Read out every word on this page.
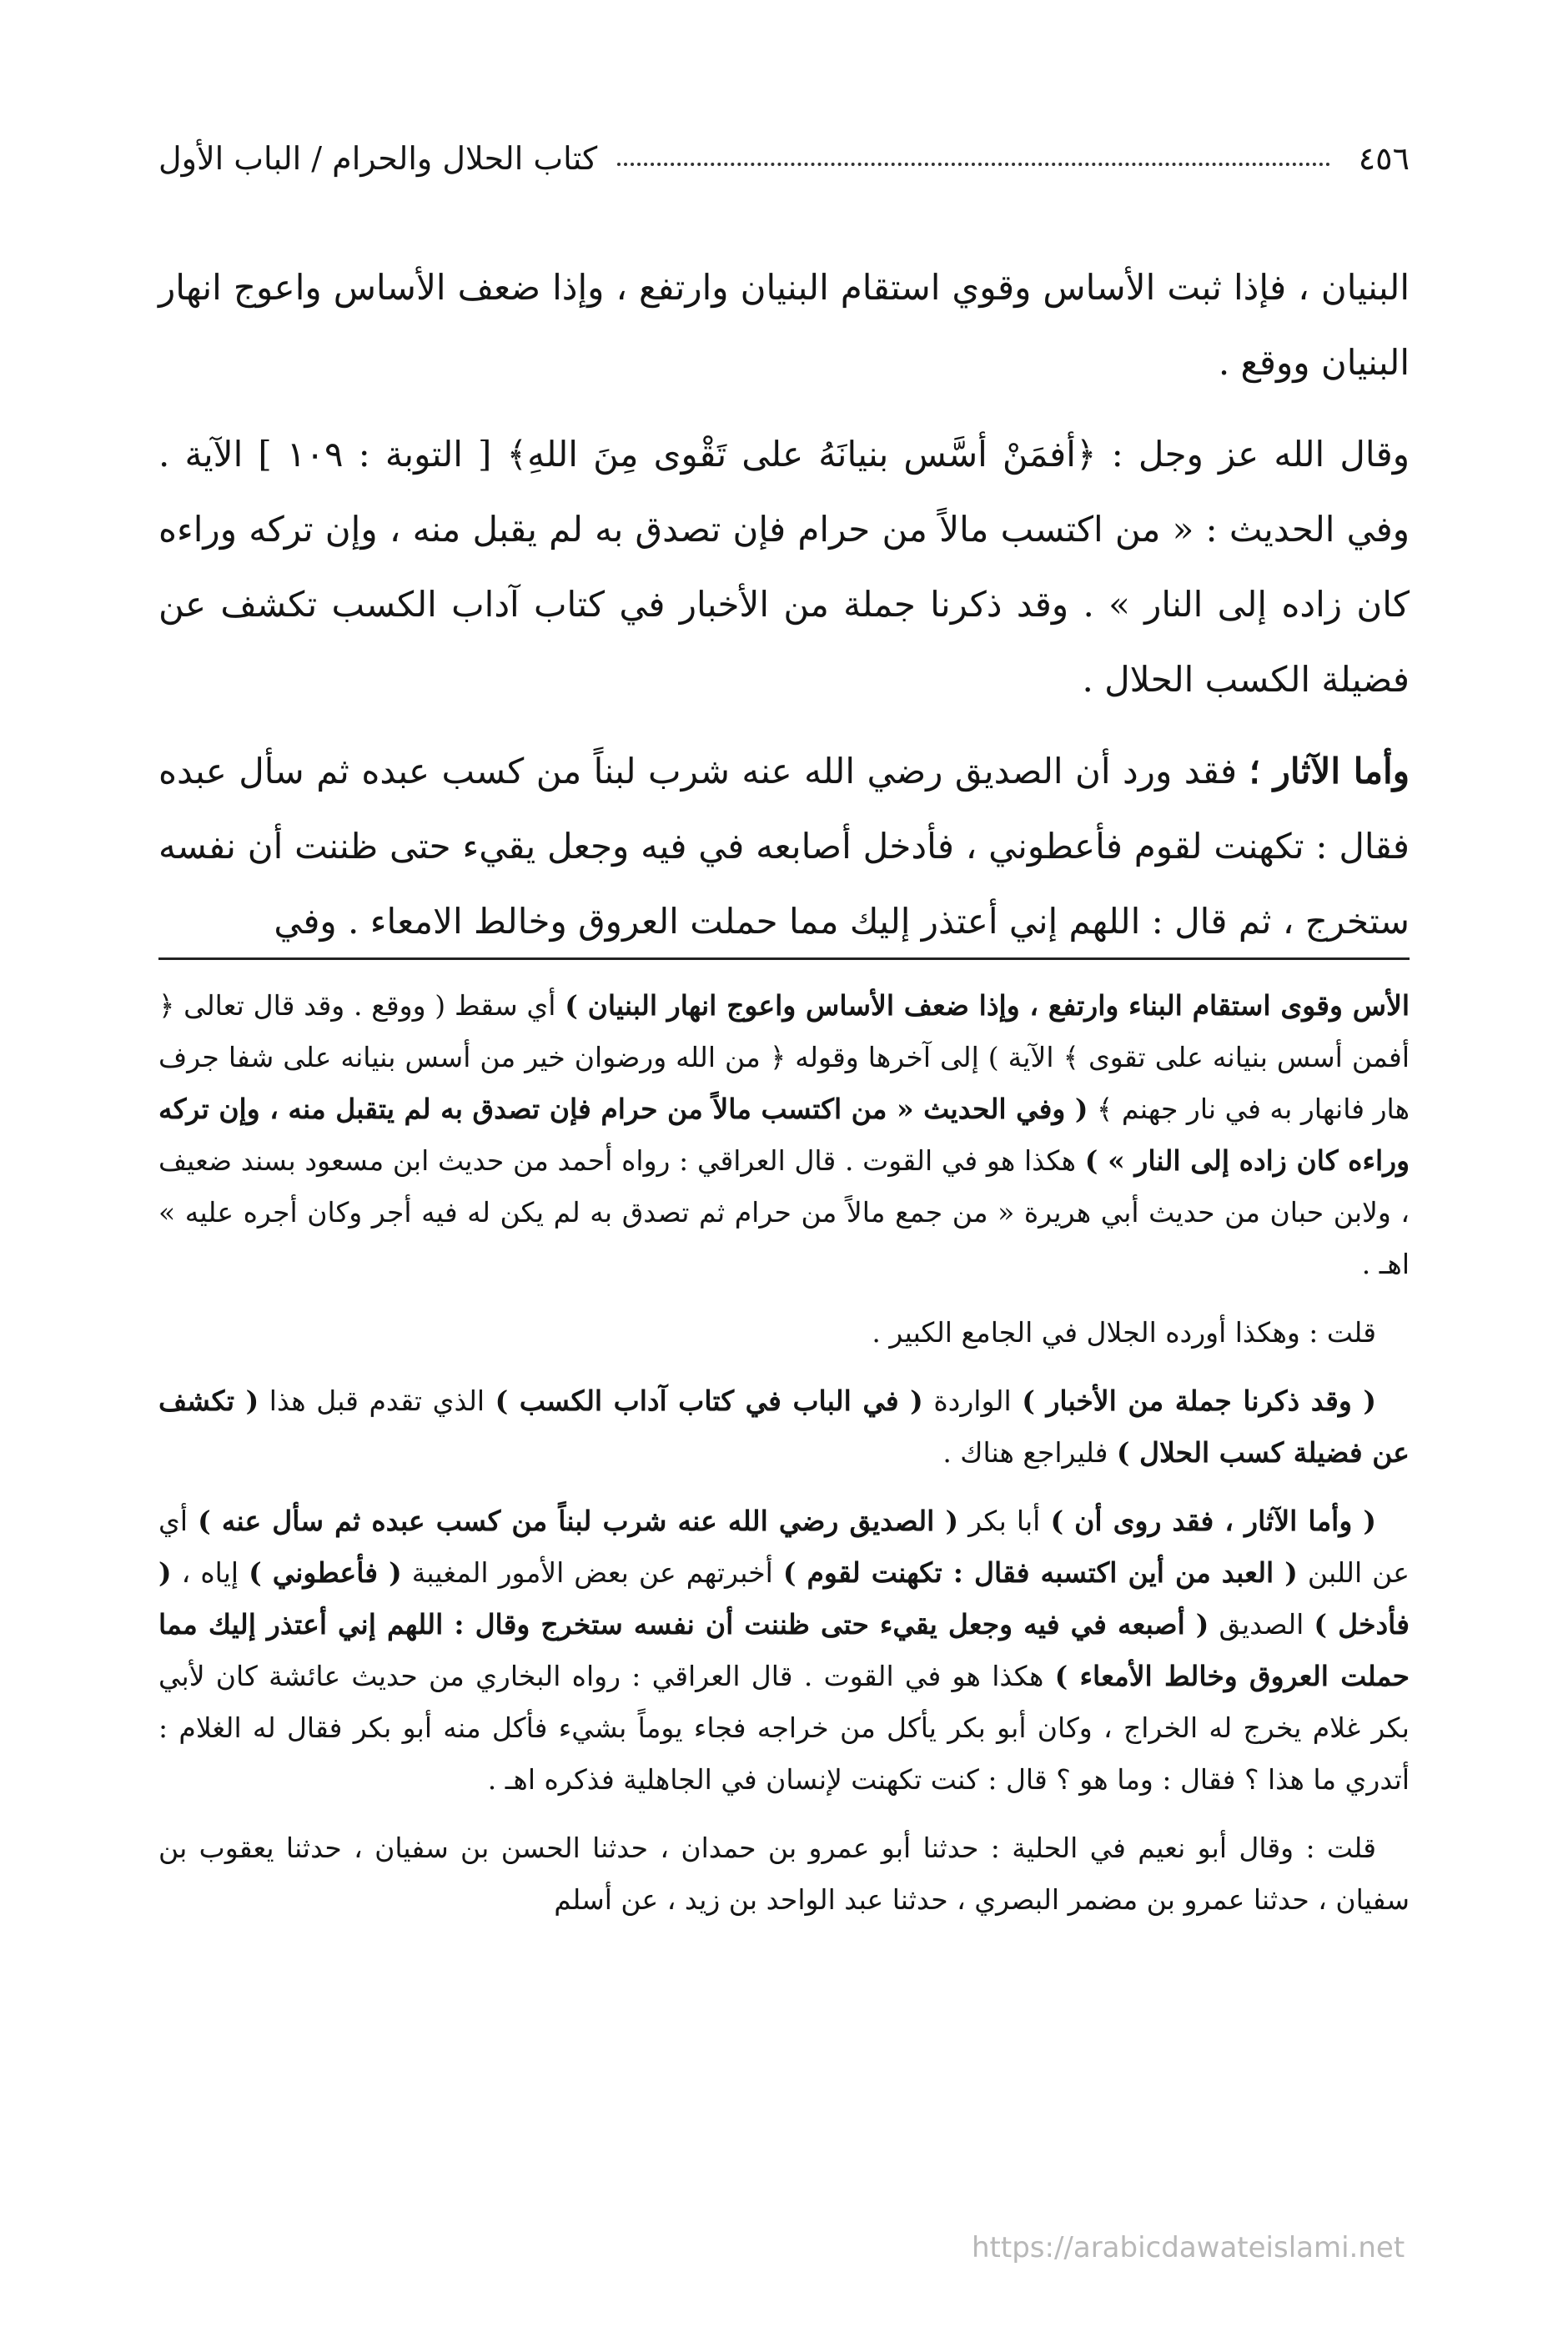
٤٥٦
كتاب الحلال والحرام / الباب الأول

البنيان ، فإذا ثبت الأساس وقوي استقام البنيان وارتفع ، وإذا ضعف الأساس واعوج انهار البنيان ووقع .

وقال الله عز وجل : ﴿أفمَنْ أسَّس بنيانَهُ على تَقْوى مِنَ اللهِ﴾ [ التوبة : ١٠٩ ] الآية . وفي الحديث : « من اكتسب مالاً من حرام فإن تصدق به لم يقبل منه ، وإن تركه وراءه كان زاده إلى النار » . وقد ذكرنا جملة من الأخبار في كتاب آداب الكسب تكشف عن فضيلة الكسب الحلال .

وأما الآثار ؛ فقد ورد أن الصديق رضي الله عنه شرب لبناً من كسب عبده ثم سأل عبده فقال : تكهنت لقوم فأعطوني ، فأدخل أصابعه في فيه وجعل يقيء حتى ظننت أن نفسه ستخرج ، ثم قال : اللهم إني أعتذر إليك مما حملت العروق وخالط الامعاء . وفي

الأس وقوى استقام البناء وارتفع ، وإذا ضعف الأساس واعوج انهار البنيان ) أي سقط ( ووقع . وقد قال تعالى ﴿ أفمن أسس بنيانه على تقوى ﴾ الآية ) إلى آخرها وقوله ﴿ من الله ورضوان خير من أسس بنيانه على شفا جرف هار فانهار به في نار جهنم ﴾ ( وفي الحديث « من اكتسب مالاً من حرام فإن تصدق به لم يتقبل منه ، وإن تركه وراءه كان زاده إلى النار » ) هكذا هو في القوت . قال العراقي : رواه أحمد من حديث ابن مسعود بسند ضعيف ، ولابن حبان من حديث أبي هريرة « من جمع مالاً من حرام ثم تصدق به لم يكن له فيه أجر وكان أجره عليه » اهـ .

قلت : وهكذا أورده الجلال في الجامع الكبير .

( وقد ذكرنا جملة من الأخبار ) الواردة ( في الباب في كتاب آداب الكسب ) الذي تقدم قبل هذا ( تكشف عن فضيلة كسب الحلال ) فليراجع هناك .

( وأما الآثار ، فقد روى أن ) أبا بكر ( الصديق رضي الله عنه شرب لبناً من كسب عبده ثم سأل عنه ) أي عن اللبن ( العبد من أين اكتسبه فقال : تكهنت لقوم ) أخبرتهم عن بعض الأمور المغيبة ( فأعطوني ) إياه ، ( فأدخل ) الصديق ( أصبعه في فيه وجعل يقيء حتى ظننت أن نفسه ستخرج وقال : اللهم إني أعتذر إليك مما حملت العروق وخالط الأمعاء ) هكذا هو في القوت . قال العراقي : رواه البخاري من حديث عائشة كان لأبي بكر غلام يخرج له الخراج ، وكان أبو بكر يأكل من خراجه فجاء يوماً بشيء فأكل منه أبو بكر فقال له الغلام : أتدري ما هذا ؟ فقال : وما هو ؟ قال : كنت تكهنت لإنسان في الجاهلية فذكره اهـ .

قلت : وقال أبو نعيم في الحلية : حدثنا أبو عمرو بن حمدان ، حدثنا الحسن بن سفيان ، حدثنا يعقوب بن سفيان ، حدثنا عمرو بن مضمر البصري ، حدثنا عبد الواحد بن زيد ، عن أسلم

https://arabicdawateislami.net
